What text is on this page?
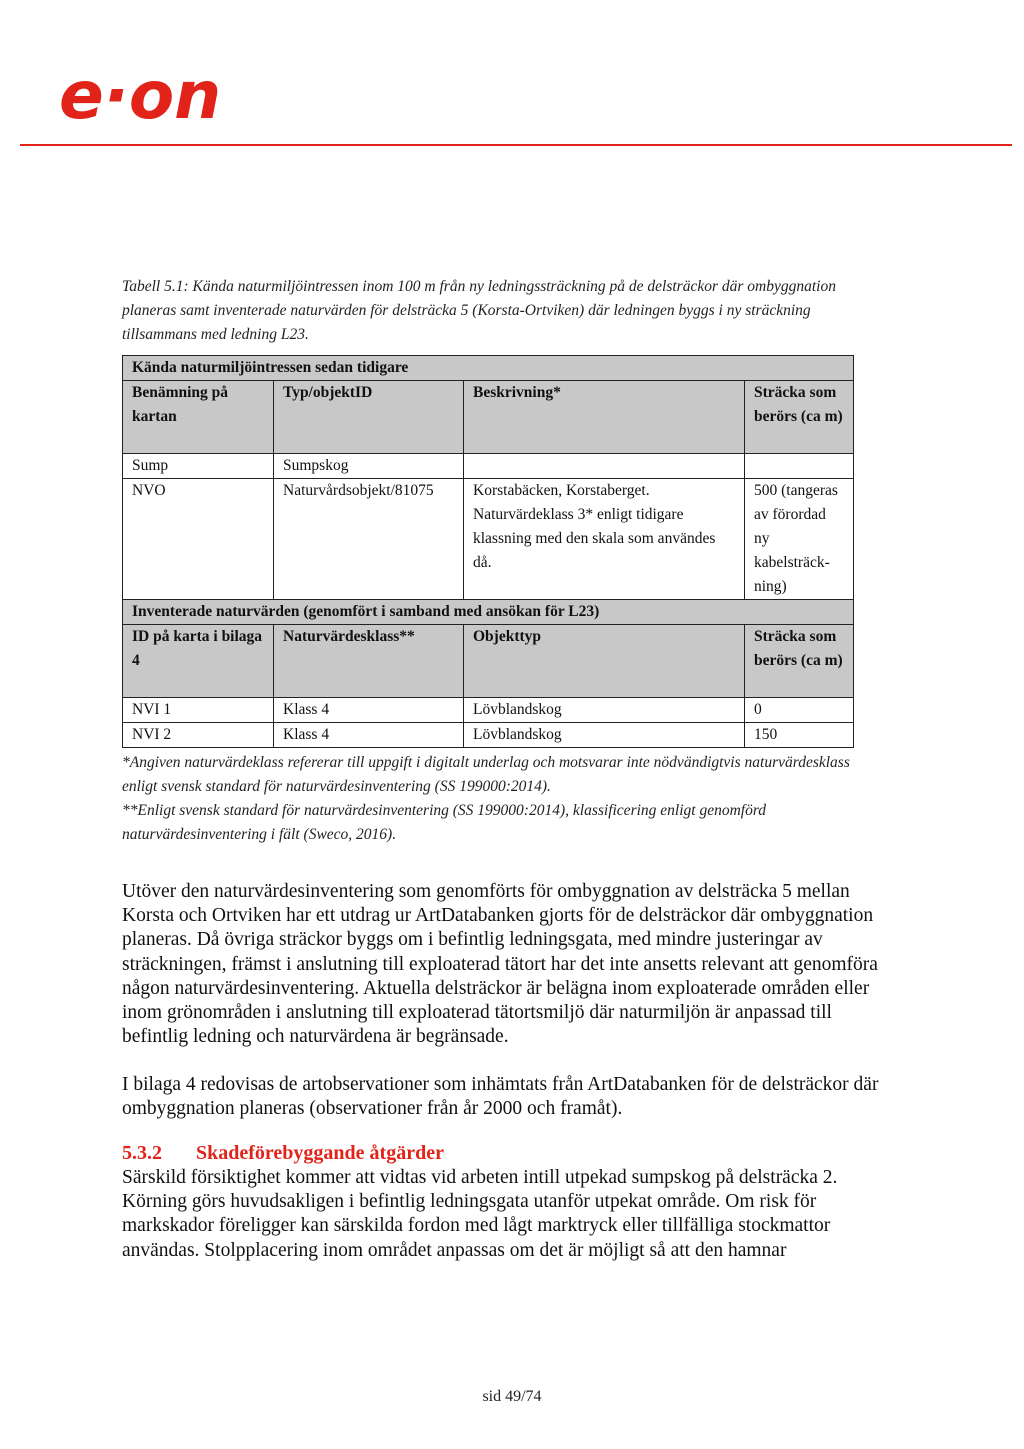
e·on
Tabell 5.1: Kända naturmiljöintressen inom 100 m från ny ledningssträckning på de delsträckor där ombyggnation planeras samt inventerade naturvärden för delsträcka 5 (Korsta-Ortviken) där ledningen byggs i ny sträckning tillsammans med ledning L23.
Kända naturmiljöintressen sedan tidigare			
Benämning på kartan	Typ/objektID	Beskrivning*	Sträcka som berörs (ca m)
Sump	Sumpskog		
NVO	Naturvårdsobjekt/81075	Korstabäcken, Korstaberget. Naturvärdeklass 3* enligt tidigare klassning med den skala som användes då.	500 (tangeras av förordad ny kabelsträck-ning)
Inventerade naturvärden (genomfört i samband med ansökan för L23)			
ID på karta i bilaga 4	Naturvärdesklass**	Objekttyp	Sträcka som berörs (ca m)
NVI 1	Klass 4	Lövblandskog	0
NVI 2	Klass 4	Lövblandskog	150

*Angiven naturvärdeklass refererar till uppgift i digitalt underlag och motsvarar inte nödvändigtvis naturvärdesklass enligt svensk standard för naturvärdesinventering (SS 199000:2014).

**Enligt svensk standard för naturvärdesinventering (SS 199000:2014), klassificering enligt genomförd naturvärdesinventering i fält (Sweco, 2016).

Utöver den naturvärdesinventering som genomförts för ombyggnation av delsträcka 5 mellan Korsta och Ortviken har ett utdrag ur ArtDatabanken gjorts för de delsträckor där ombyggnation planeras. Då övriga sträckor byggs om i befintlig ledningsgata, med mindre justeringar av sträckningen, främst i anslutning till exploaterad tätort har det inte ansetts relevant att genomföra någon naturvärdesinventering. Aktuella delsträckor är belägna inom exploaterade områden eller inom grönområden i anslutning till exploaterad tätortsmiljö där naturmiljön är anpassad till befintlig ledning och naturvärdena är begränsade.
I bilaga 4 redovisas de artobservationer som inhämtats från ArtDatabanken för de delsträckor där ombyggnation planeras (observationer från år 2000 och framåt).
5.3.2 Skadeförebyggande åtgärder
Särskild försiktighet kommer att vidtas vid arbeten intill utpekad sumpskog på delsträcka 2. Körning görs huvudsakligen i befintlig ledningsgata utanför utpekat område. Om risk för markskador föreligger kan särskilda fordon med lågt marktryck eller tillfälliga stockmattor användas. Stolpplacering inom området anpassas om det är möjligt så att den hamnar
sid 49/74
